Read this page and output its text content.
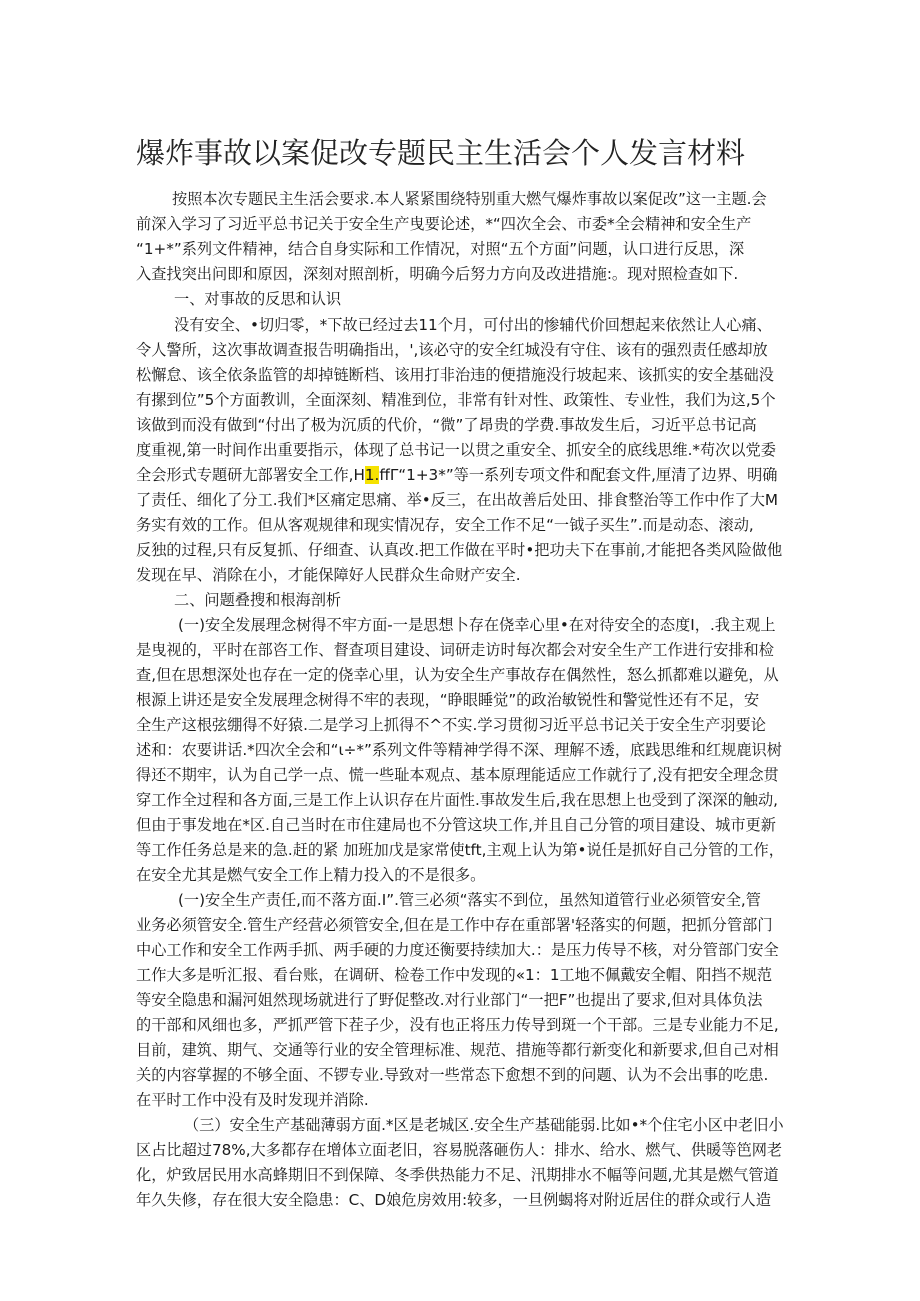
爆炸事故以案促改专题民主生活会个人发言材料
按照本次专题民主生活会要求.本人紧紧围绕特别重大燃气爆炸事故以案促改”这一主题.会
前深入学习了习近平总书记关于安全生产曳要论述，*“四次全会、市委*全会精神和安全生产
“1+*”系列文件精神，结合自身实际和工作情况，对照“五个方面”问题，认口进行反思，深
入查找突出问即和原因，深刻对照剖析，明确今后努力方向及改进措施:。现对照检查如下.
一、对事故的反思和认识
没有安全、•切归零，*下故已经过去11个月，可付出的惨辅代价回想起来依然让人心痛、
令人警所，这次事故调查报告明确指出，',该必守的安全红城没有守住、该有的强烈责任感却放
松懈怠、该全依条监管的却掉链断档、该用打非治违的便措施没行坡起来、该抓实的安全基础没
有摞到位”5个方面教训，全面深刻、精准到位，非常有针对性、政策性、专业性，我们为这,5个
该做到而没有做到“付出了极为沉质的代价，“微”了昂贵的学费.事故发生后，习近平总书记高
度重视,第一时间作出重要指示，体现了总书记一以贯之重安全、抓安全的底线思维.*苟次以党委
全会形式专題研尢部署安全工作,H1.ffΓ“1+3*”等一系列专项文件和配套文件,厘清了边界、明确
了责任、细化了分工.我们*区痛定思痛、举•反三，在出故善后处田、排食整治等工作中作了大M
务实有效的工作。但从客观规律和现实情况存，安全工作不足“一钺子买生”.而是动态、滚动,
反独的过程,只有反复抓、仔细查、认真改.把工作做在平时•把功夫下在事前,才能把各类风险做他
发现在早、消除在小，才能保障好人民群众生命财产安全.
二、问题叠搜和根海剖析
(一)安全发展理念树得不牢方面-一是思想卜存在侥幸心里•在对待安全的态度I，.我主观上
是曳视的，平时在部咨工作、督查项目建设、词研走访时每次都会对安全生产工作进行安排和检
查,但在思想深处也存在一定的侥幸心里，认为安全生产事故存在偶然性，怒么抓都难以避免，从
根源上讲还是安全发展理念树得不牢的表现，“睁眼睡觉”的政治敏锐性和警觉性还有不足，安
全生产这根弦绷得不好猿.二是学习上抓得不^不实.学习贯彻习近平总书记关于安全生产羽要论
述和：农要讲话.*四次全会和“ι÷*”系列文件等精神学得不深、理解不透，底践思维和红规鹿识树
得还不期牢，认为自己学一点、慌一些耻本观点、基本原理能适应工作就行了,没有把安全理念贯
穿工作全过程和各方面,三是工作上认识存在片面性.事故发生后,我在思想上也受到了深深的触动,
但由于事发地在*区.自己当时在市住建局也不分管这块工作,并且自己分管的项目建设、城市更新
等工作任务总是来的急.赶的紧 加班加戊是家常使tft,主观上认为第•说任是抓好自己分管的工作，
在安全尤其是燃气安全工作上精力投入的不是很多。
(一)安全生产责任,而不落方面.I”.管三必须“落实不到位，虽然知道管行业必须管安全,管
业务必须管安全.管生产经营必须管安全,但在是工作中存在重部署'轻落实的何题，把抓分管部门
中心工作和安全工作两手抓、两手硬的力度还衡要持续加大.：是压力传导不核，对分管部门安全
工作大多是听汇报、看台账，在调研、检卷工作中发现的«1：1工地不佩戴安全帽、阳挡不规范
等安全隐患和漏河姐然现场就进行了野促整改.对行业部门“一把F”也提出了要求,但对具体负法
的干部和风细也多，严抓严管下茬子少，没有也正将压力传导到斑一个干部。三是专业能力不足,
目前，建筑、期气、交通等行业的安全管理标准、规范、措施等都行新变化和新要求,但自己对相
关的内容掌握的不够全面、不锣专业.导致对一些常态下愈想不到的问题、认为不会出事的吃患.
在平时工作中没有及时发现并消除.
（三）安全生产基础薄弱方面.*区是老城区.安全生产基础能弱.比如•*个住宅小区中老旧小
区占比超过78%,大多都存在增体立面老旧，容易脱落砸伤人：排水、给水、燃气、供暖等笆网老
化，炉致居民用水高蜂期旧不到保障、冬季供热能力不足、汛期排水不幅等问题,尤其是燃气管道
年久失修，存在很大安全隐患：C、D娘危房效用:较多，一旦例蝎将对附近居住的群众或行人造
